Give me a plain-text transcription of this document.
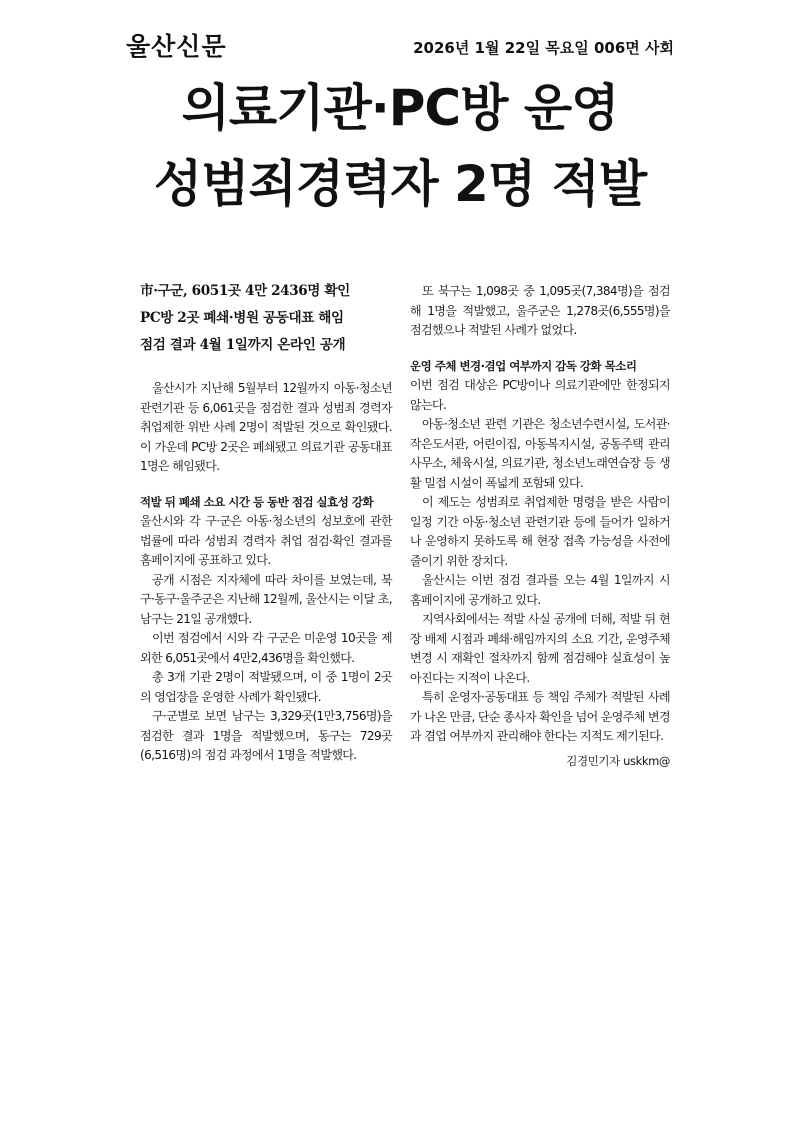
울산신문	2026년 1월 22일 목요일 006면 사회
의료기관·PC방 운영
성범죄경력자 2명 적발
市·구군, 6051곳 4만 2436명 확인
PC방 2곳 폐쇄·병원 공동대표 해임
점검 결과 4월 1일까지 온라인 공개

울산시가 지난해 5월부터 12월까지 아동·청소년 관련기관 등 6,061곳을 점검한 결과 성범죄 경력자 취업제한 위반 사례 2명이 적발된 것으로 확인됐다. 이 가운데 PC방 2곳은 폐쇄됐고 의료기관 공동대표 1명은 해임됐다.

적발 뒤 폐쇄 소요 시간 등 동반 점검 실효성 강화

울산시와 각 구·군은 아동·청소년의 성보호에 관한 법률에 따라 성범죄 경력자 취업 점검·확인 결과를 홈페이지에 공표하고 있다.

공개 시점은 지자체에 따라 차이를 보였는데, 북구·동구·울주군은 지난해 12월께, 울산시는 이달 초, 남구는 21일 공개했다.

이번 점검에서 시와 각 구군은 미운영 10곳을 제외한 6,051곳에서 4만2,436명을 확인했다.

총 3개 기관 2명이 적발됐으며, 이 중 1명이 2곳의 영업장을 운영한 사례가 확인됐다.

구·군별로 보면 남구는 3,329곳(1만3,756명)을 점검한 결과 1명을 적발했으며, 동구는 729곳(6,516명)의 점검 과정에서 1명을 적발했다.

또 북구는 1,098곳 중 1,095곳(7,384명)을 점검해 1명을 적발했고, 울주군은 1,278곳(6,555명)을 점검했으나 적발된 사례가 없었다.

운영 주체 변경·겸업 여부까지 감독 강화 목소리

이번 점검 대상은 PC방이나 의료기관에만 한정되지 않는다.

아동·청소년 관련 기관은 청소년수련시설, 도서관·작은도서관, 어린이집, 아동복지시설, 공동주택 관리사무소, 체육시설, 의료기관, 청소년노래연습장 등 생활 밀접 시설이 폭넓게 포함돼 있다.

이 제도는 성범죄로 취업제한 명령을 받은 사람이 일정 기간 아동·청소년 관련기관 등에 들어가 일하거나 운영하지 못하도록 해 현장 접촉 가능성을 사전에 줄이기 위한 장치다.

울산시는 이번 점검 결과를 오는 4월 1일까지 시 홈페이지에 공개하고 있다.

지역사회에서는 적발 사실 공개에 더해, 적발 뒤 현장 배제 시점과 폐쇄·해임까지의 소요 기간, 운영주체 변경 시 재확인 절차까지 함께 점검해야 실효성이 높아진다는 지적이 나온다.

특히 운영자·공동대표 등 책임 주체가 적발된 사례가 나온 만큼, 단순 종사자 확인을 넘어 운영주체 변경과 겸업 여부까지 관리해야 한다는 지적도 제기된다.

김경민기자 uskkm@
